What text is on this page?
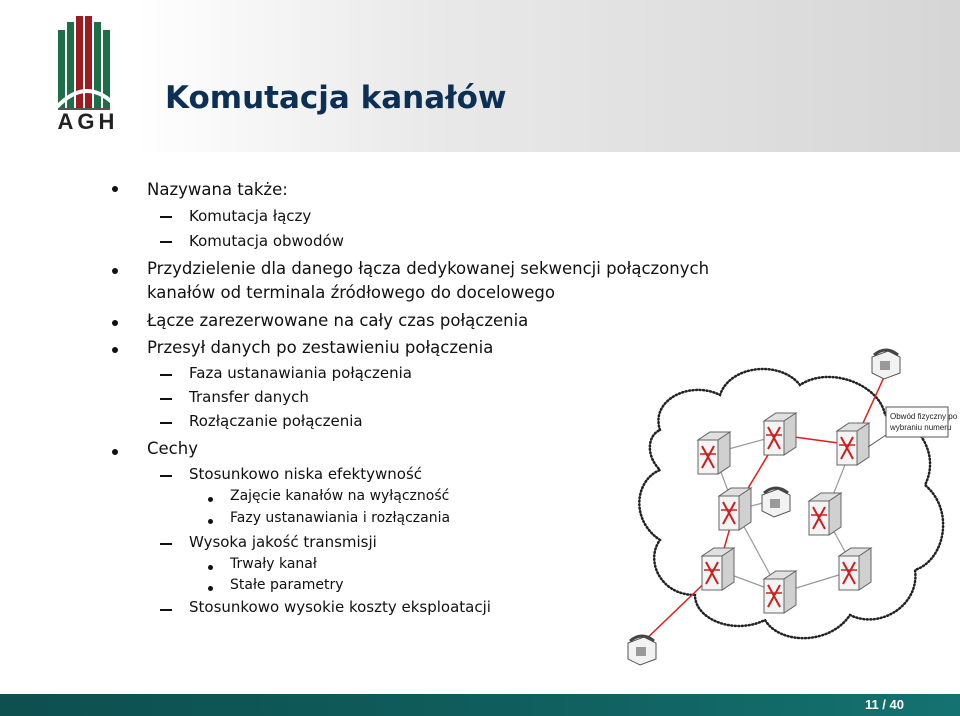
AGH
Komutacja kanałów
Nazywana także:
Komutacja łączy
Komutacja obwodów
Przydzielenie dla danego łącza dedykowanej sekwencji połączonych
kanałów od terminala źródłowego do docelowego
Łącze zarezerwowane na cały czas połączenia
Przesył danych po zestawieniu połączenia
Faza ustanawiania połączenia
Transfer danych
Rozłączanie połączenia
Cechy
Stosunkowo niska efektywność
Zajęcie kanałów na wyłączność
Fazy ustanawiania i rozłączania
Wysoka jakość transmisji
Trwały kanał
Stałe parametry
Stosunkowo wysokie koszty eksploatacji
Obwód fizyczny po
wybraniu numeru
11 / 40
